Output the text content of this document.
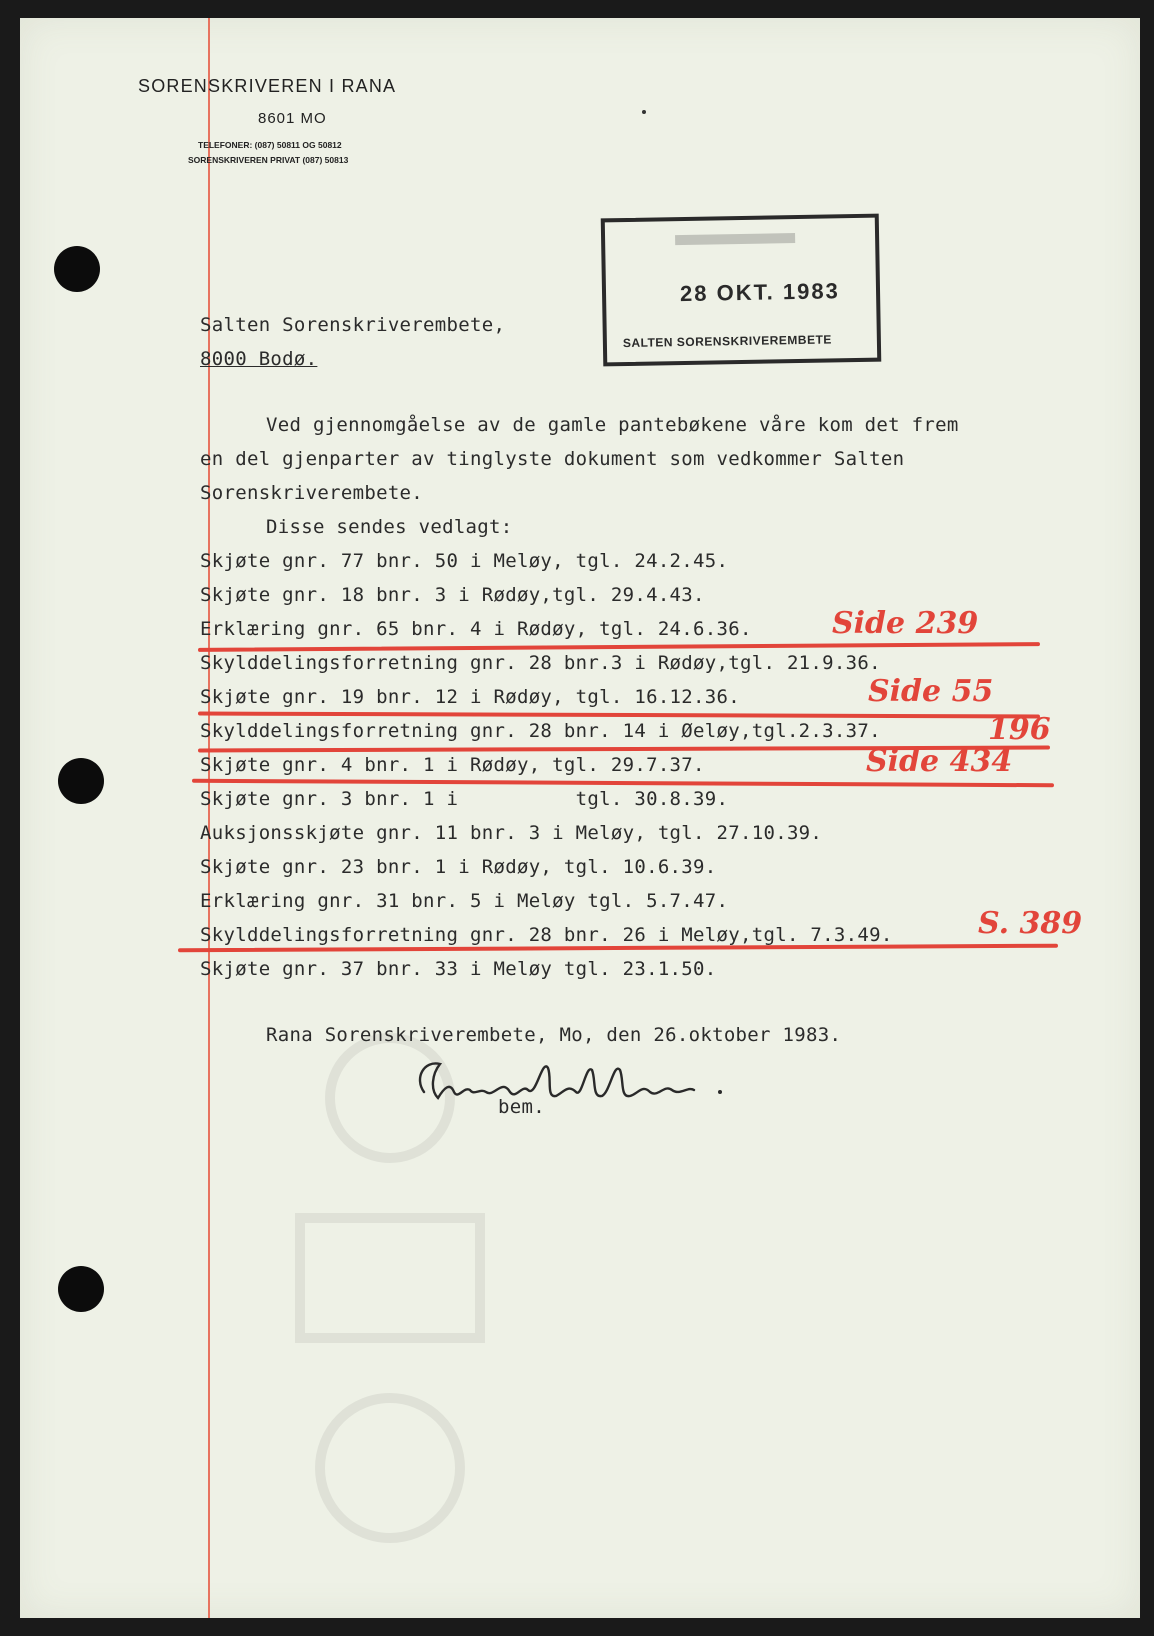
SORENSKRIVEREN I RANA
8601 MO
TELEFONER: (087) 50811 OG 50812
SORENSKRIVEREN PRIVAT (087) 50813
28 OKT. 1983
SALTEN SORENSKRIVEREMBETE
Salten Sorenskriverembete,
8000 Bodø.
Ved gjennomgåelse av de gamle pantebøkene våre kom det frem
en del gjenparter av tinglyste dokument som vedkommer Salten
Sorenskriverembete.
Disse sendes vedlagt:
Skjøte gnr. 77 bnr. 50 i Meløy, tgl. 24.2.45.
Skjøte gnr. 18 bnr. 3 i Rødøy,tgl. 29.4.43.
Erklæring gnr. 65 bnr. 4 i Rødøy, tgl. 24.6.36.
Skylddelingsforretning gnr. 28 bnr.3 i Rødøy,tgl. 21.9.36.
Skjøte gnr. 19 bnr. 12 i Rødøy, tgl. 16.12.36.
Skylddelingsforretning gnr. 28 bnr. 14 i Øeløy,tgl.2.3.37.
Skjøte gnr. 4 bnr. 1 i Rødøy, tgl. 29.7.37.
Skjøte gnr. 3 bnr. 1 i          tgl. 30.8.39.
Auksjonsskjøte gnr. 11 bnr. 3 i Meløy, tgl. 27.10.39.
Skjøte gnr. 23 bnr. 1 i Rødøy, tgl. 10.6.39.
Erklæring gnr. 31 bnr. 5 i Meløy tgl. 5.7.47.
Skylddelingsforretning gnr. 28 bnr. 26 i Meløy,tgl. 7.3.49.
Skjøte gnr. 37 bnr. 33 i Meløy tgl. 23.1.50.
Side 239
Side 55
196
Side 434
S. 389
Rana Sorenskriverembete, Mo, den 26.oktober 1983.
bem.
